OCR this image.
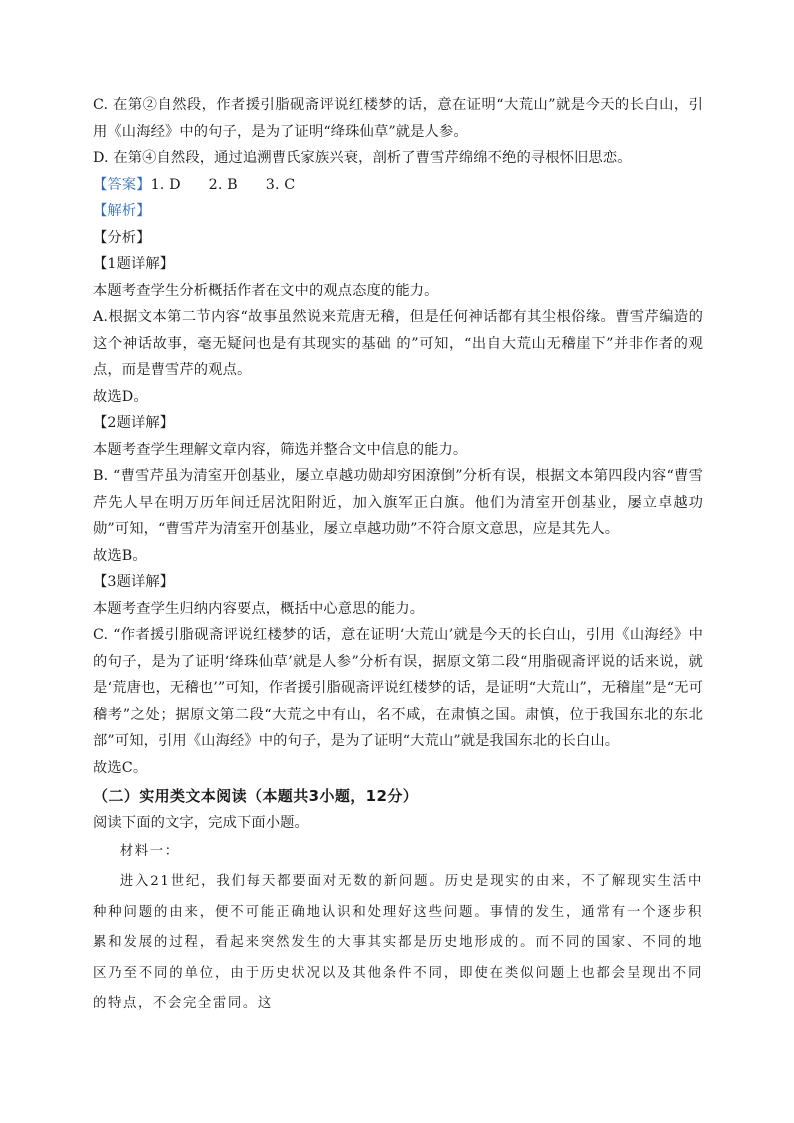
C. 在第②自然段，作者援引脂砚斋评说红楼梦的话，意在证明“大荒山”就是今天的长白山，引用《山海经》中的句子，是为了证明“绛珠仙草”就是人参。

D. 在第④自然段，通过追溯曹氏家族兴衰，剖析了曹雪芹绵绵不绝的寻根怀旧思恋。

【答案】1. D 2. B 3. C

【解析】

【分析】

【1题详解】

本题考查学生分析概括作者在文中的观点态度的能力。

A.根据文本第二节内容“故事虽然说来荒唐无稽，但是任何神话都有其尘根俗缘。曹雪芹编造的这个神话故事，毫无疑问也是有其现实的基础 的”可知，“出自大荒山无稽崖下”并非作者的观点，而是曹雪芹的观点。

故选D。

【2题详解】

本题考查学生理解文章内容，筛选并整合文中信息的能力。

B. “曹雪芹虽为清室开创基业，屡立卓越功勋却穷困潦倒”分析有误，根据文本第四段内容“曹雪芹先人早在明万历年间迁居沈阳附近，加入旗军正白旗。他们为清室开创基业，屡立卓越功勋”可知，“曹雪芹为清室开创基业，屡立卓越功勋”不符合原文意思，应是其先人。

故选B。

【3题详解】

本题考查学生归纳内容要点，概括中心意思的能力。

C. “作者援引脂砚斋评说红楼梦的话，意在证明‘大荒山’就是今天的长白山，引用《山海经》中的句子，是为了证明‘绛珠仙草’就是人参”分析有误，据原文第二段“用脂砚斋评说的话来说，就是‘荒唐也，无稽也’”可知，作者援引脂砚斋评说红楼梦的话，是证明“大荒山”，无稽崖”是“无可稽考”之处；据原文第二段“大荒之中有山，名不咸，在肃慎之国。肃慎，位于我国东北的东北部”可知，引用《山海经》中的句子，是为了证明“大荒山”就是我国东北的长白山。

故选C。

（二）实用类文本阅读（本题共3小题，12分）

阅读下面的文字，完成下面小题。

材料一：

进入21世纪，我们每天都要面对无数的新问题。历史是现实的由来，不了解现实生活中种种问题的由来，便不可能正确地认识和处理好这些问题。事情的发生，通常有一个逐步积累和发展的过程，看起来突然发生的大事其实都是历史地形成的。而不同的国家、不同的地区乃至不同的单位，由于历史状况以及其他条件不同，即使在类似问题上也都会呈现出不同的特点，不会完全雷同。这
